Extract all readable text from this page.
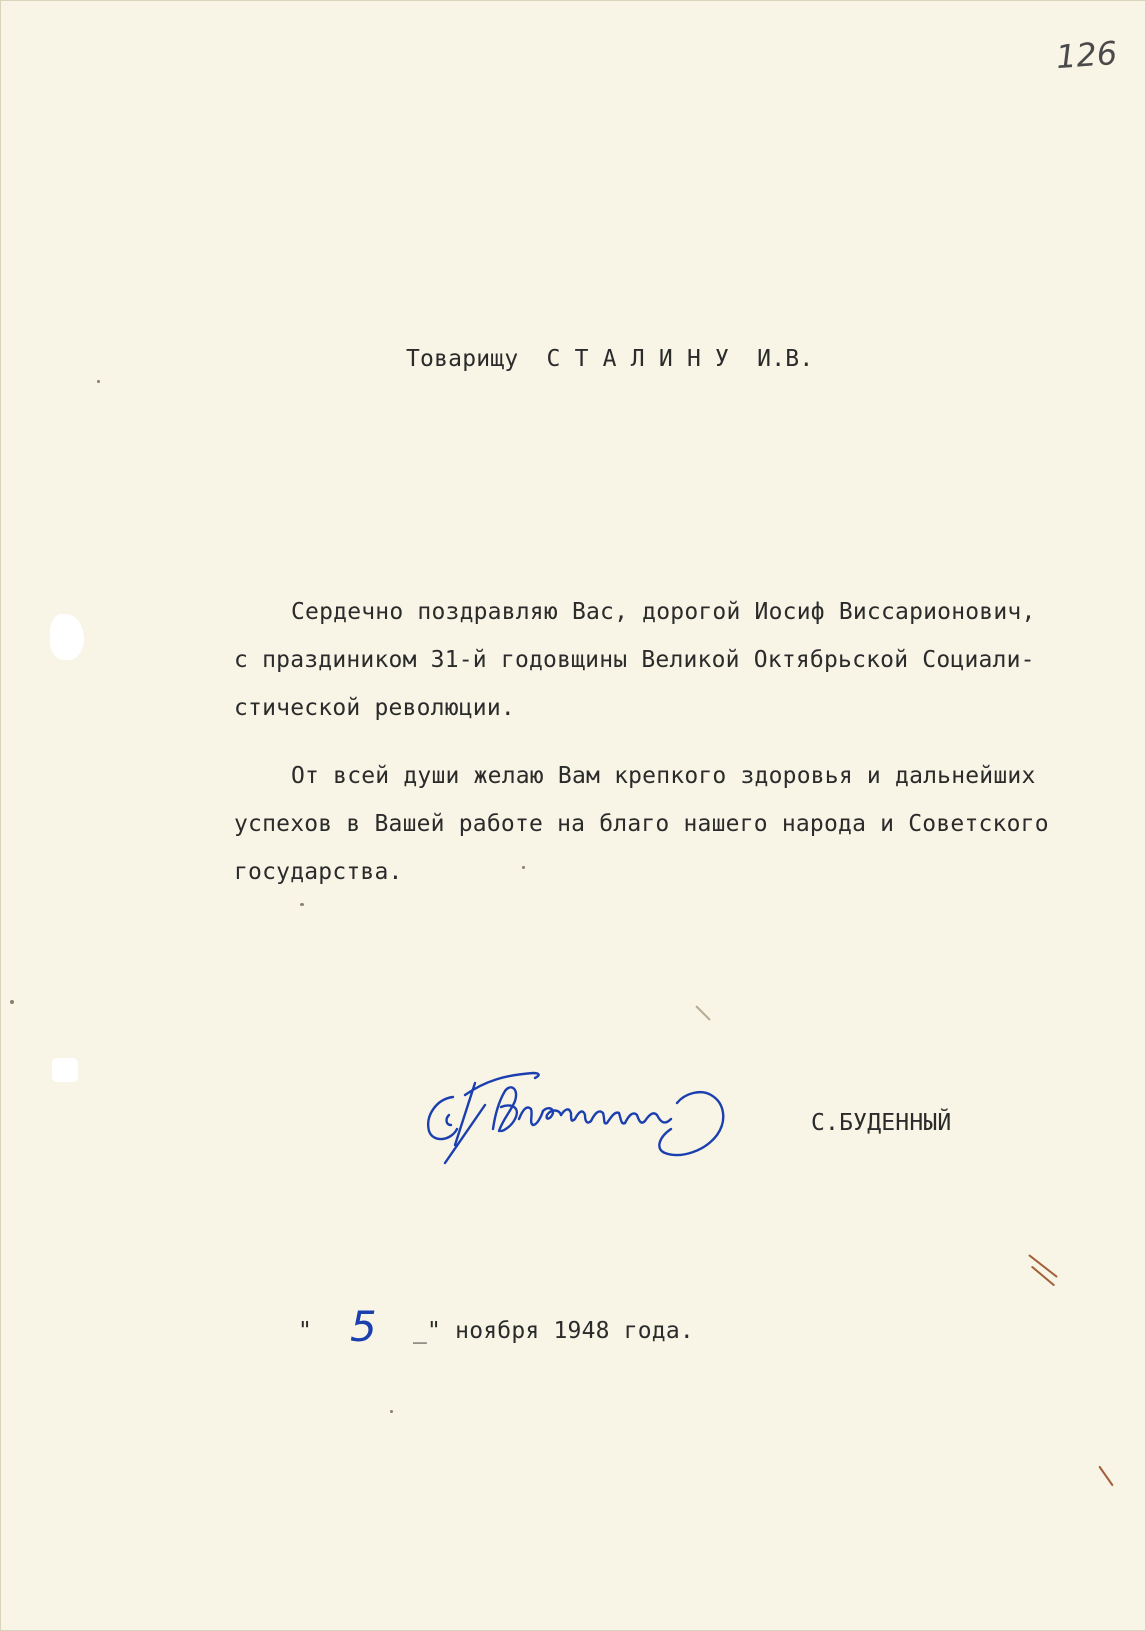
126
Товарищу  С Т А Л И Н У  И.В.
Сердечно поздравляю Вас, дорогой Иосиф Виссарионович,
с праздиником 31-й годовщины Великой Октябрьской Социали-
стической революции.
От всей души желаю Вам крепкого здоровья и дальнейших
успехов в Вашей работе на благо нашего народа и Советского
государства.
С.БУДЕННЫЙ
" 5 _" ноября 1948 года.
